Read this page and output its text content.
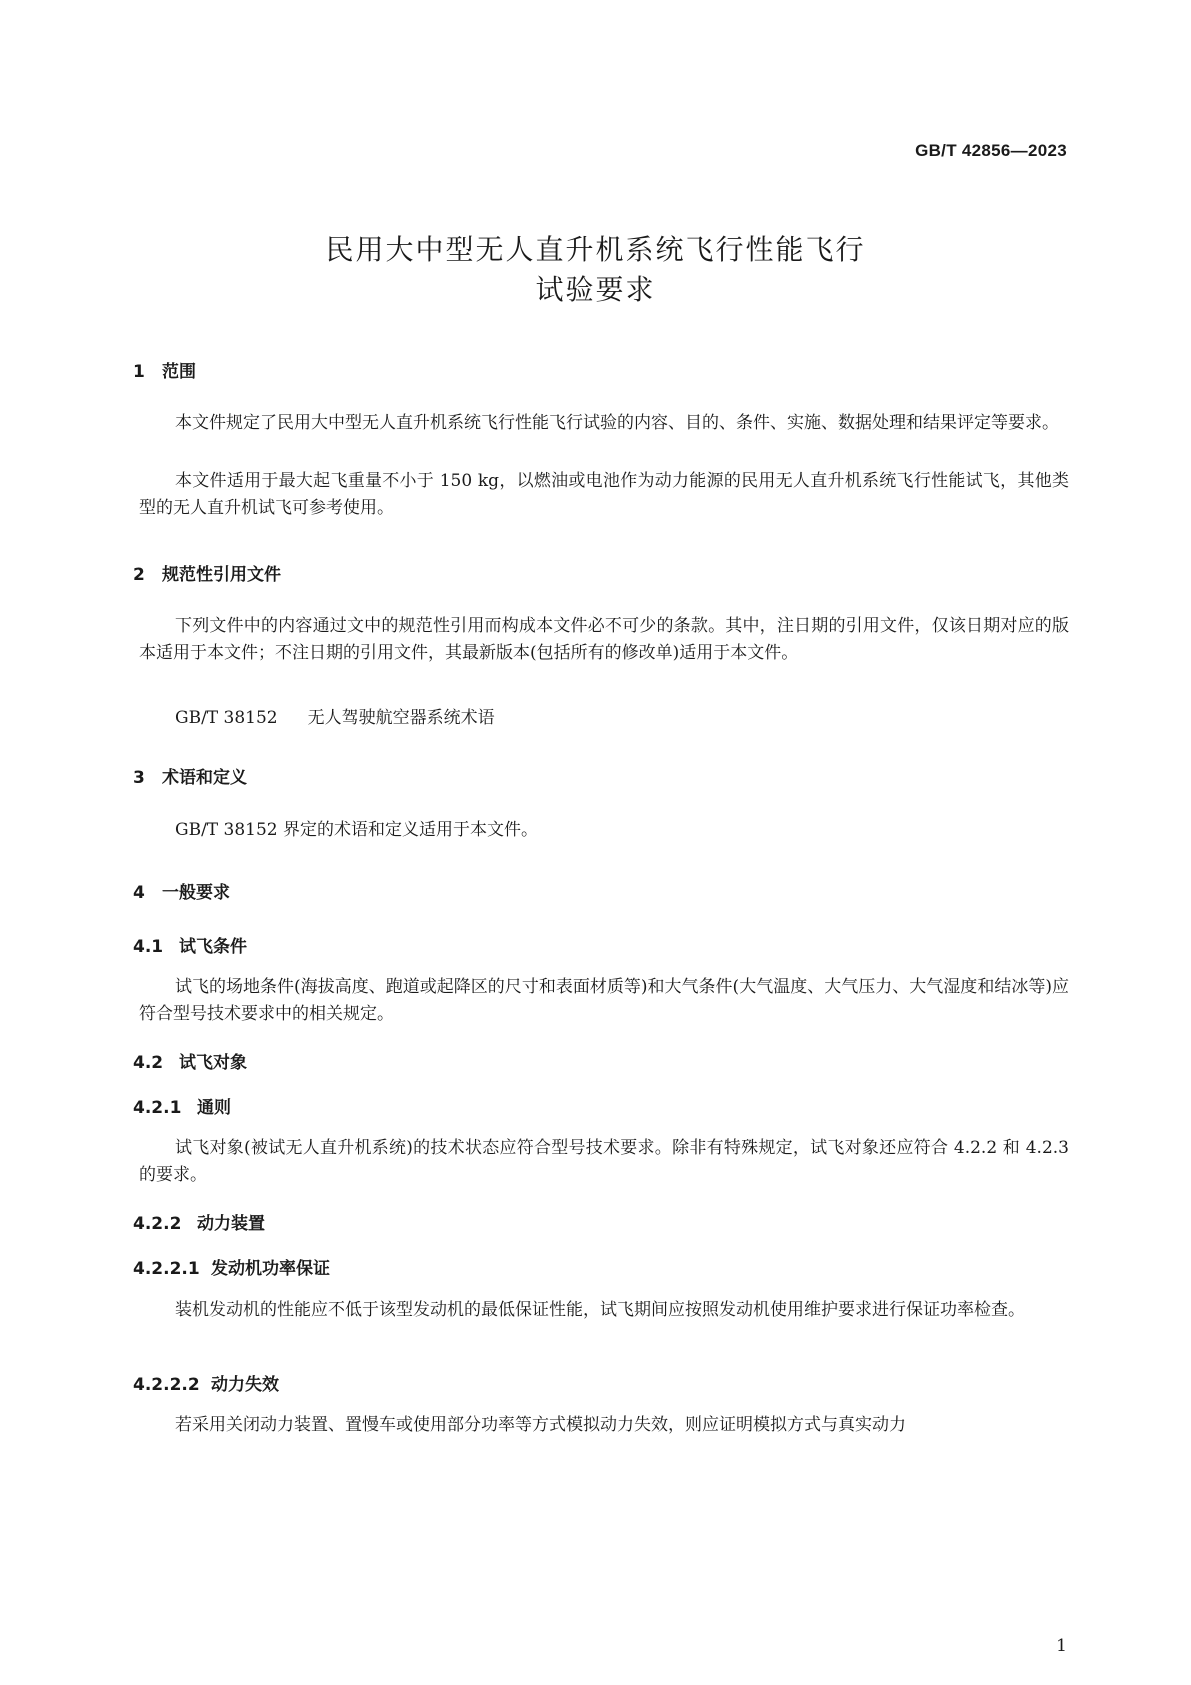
GB/T 42856—2023
民用大中型无人直升机系统飞行性能飞行
试验要求
1 范围
本文件规定了民用大中型无人直升机系统飞行性能飞行试验的内容、目的、条件、实施、数据处理和结果评定等要求。
本文件适用于最大起飞重量不小于 150 kg，以燃油或电池作为动力能源的民用无人直升机系统飞行性能试飞，其他类型的无人直升机试飞可参考使用。
2 规范性引用文件
下列文件中的内容通过文中的规范性引用而构成本文件必不可少的条款。其中，注日期的引用文件，仅该日期对应的版本适用于本文件；不注日期的引用文件，其最新版本(包括所有的修改单)适用于本文件。
GB/T 38152 无人驾驶航空器系统术语
3 术语和定义
GB/T 38152 界定的术语和定义适用于本文件。
4 一般要求
4.1 试飞条件
试飞的场地条件(海拔高度、跑道或起降区的尺寸和表面材质等)和大气条件(大气温度、大气压力、大气湿度和结冰等)应符合型号技术要求中的相关规定。
4.2 试飞对象
4.2.1 通则
试飞对象(被试无人直升机系统)的技术状态应符合型号技术要求。除非有特殊规定，试飞对象还应符合 4.2.2 和 4.2.3 的要求。
4.2.2 动力装置
4.2.2.1 发动机功率保证
装机发动机的性能应不低于该型发动机的最低保证性能，试飞期间应按照发动机使用维护要求进行保证功率检查。
4.2.2.2 动力失效
若采用关闭动力装置、置慢车或使用部分功率等方式模拟动力失效，则应证明模拟方式与真实动力
1
